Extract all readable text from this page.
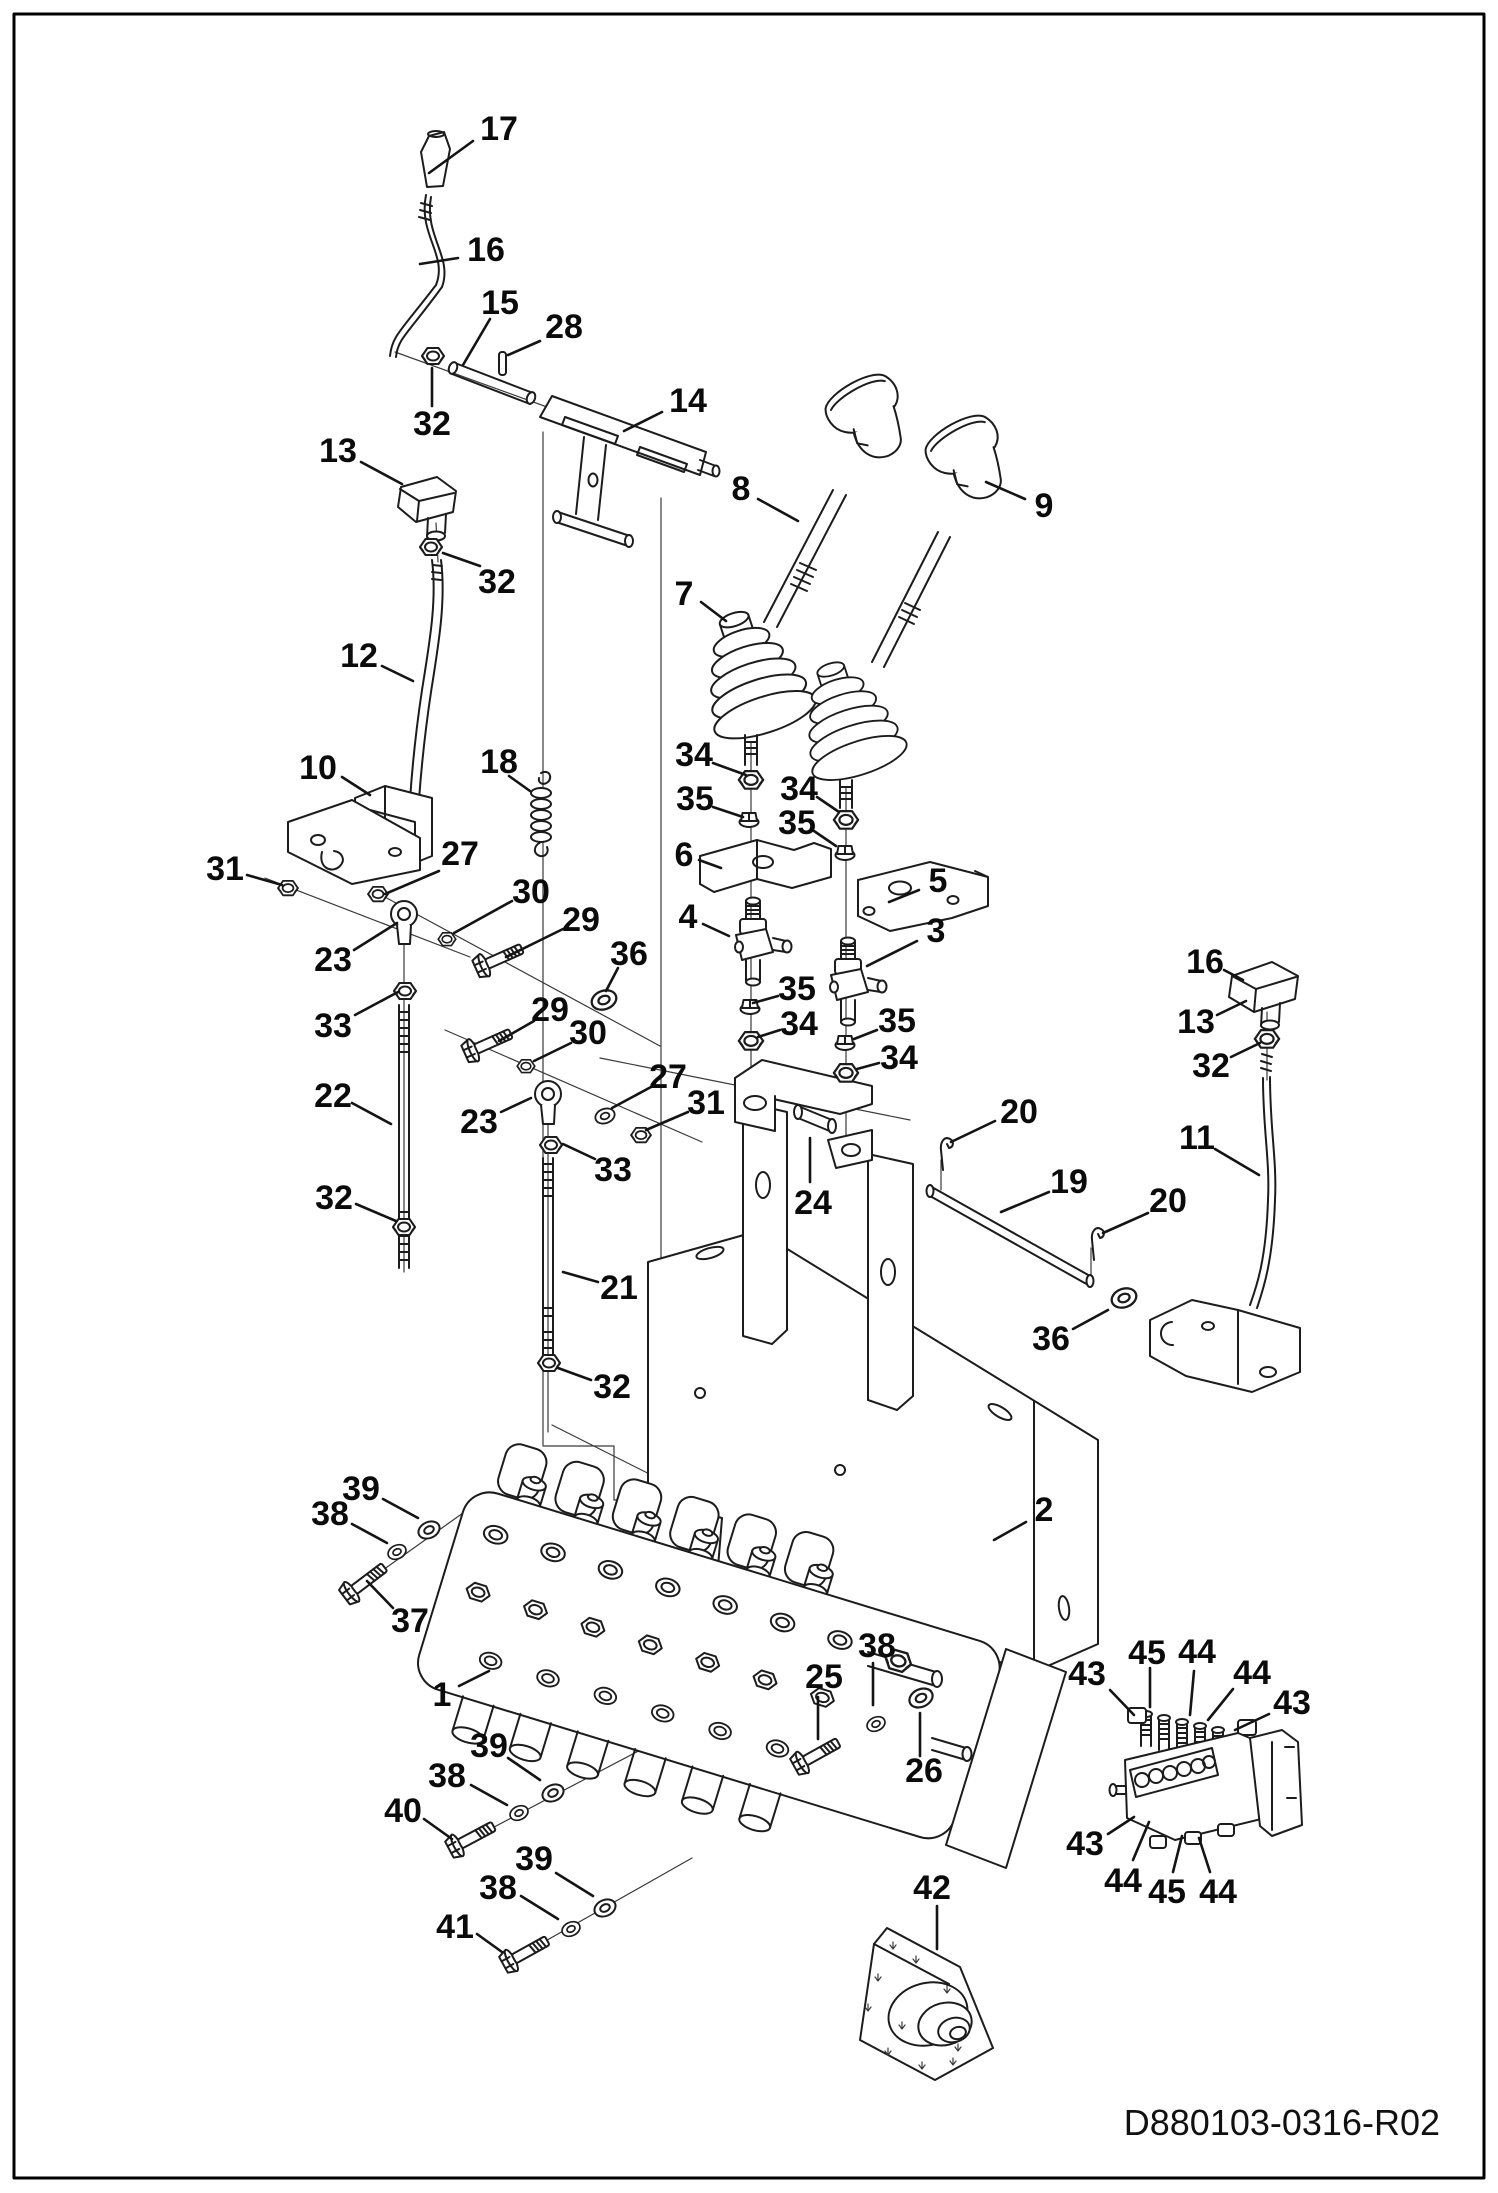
17
16
15
28
32
13
32
14
12
8	9
7
10	18
31	27
30
29
36
6
5
34
35 34
35
4	3
23
33	29
30
27
23	31
33
22
32	24
20
19 20
11
16
13
32
36
21
32
2
39
38
37
1	25
38
26
39
38
40
39
38
41
42
43
45 44
44
43
43
44 45 44
35
34 35
34
D880103-0316-R02
